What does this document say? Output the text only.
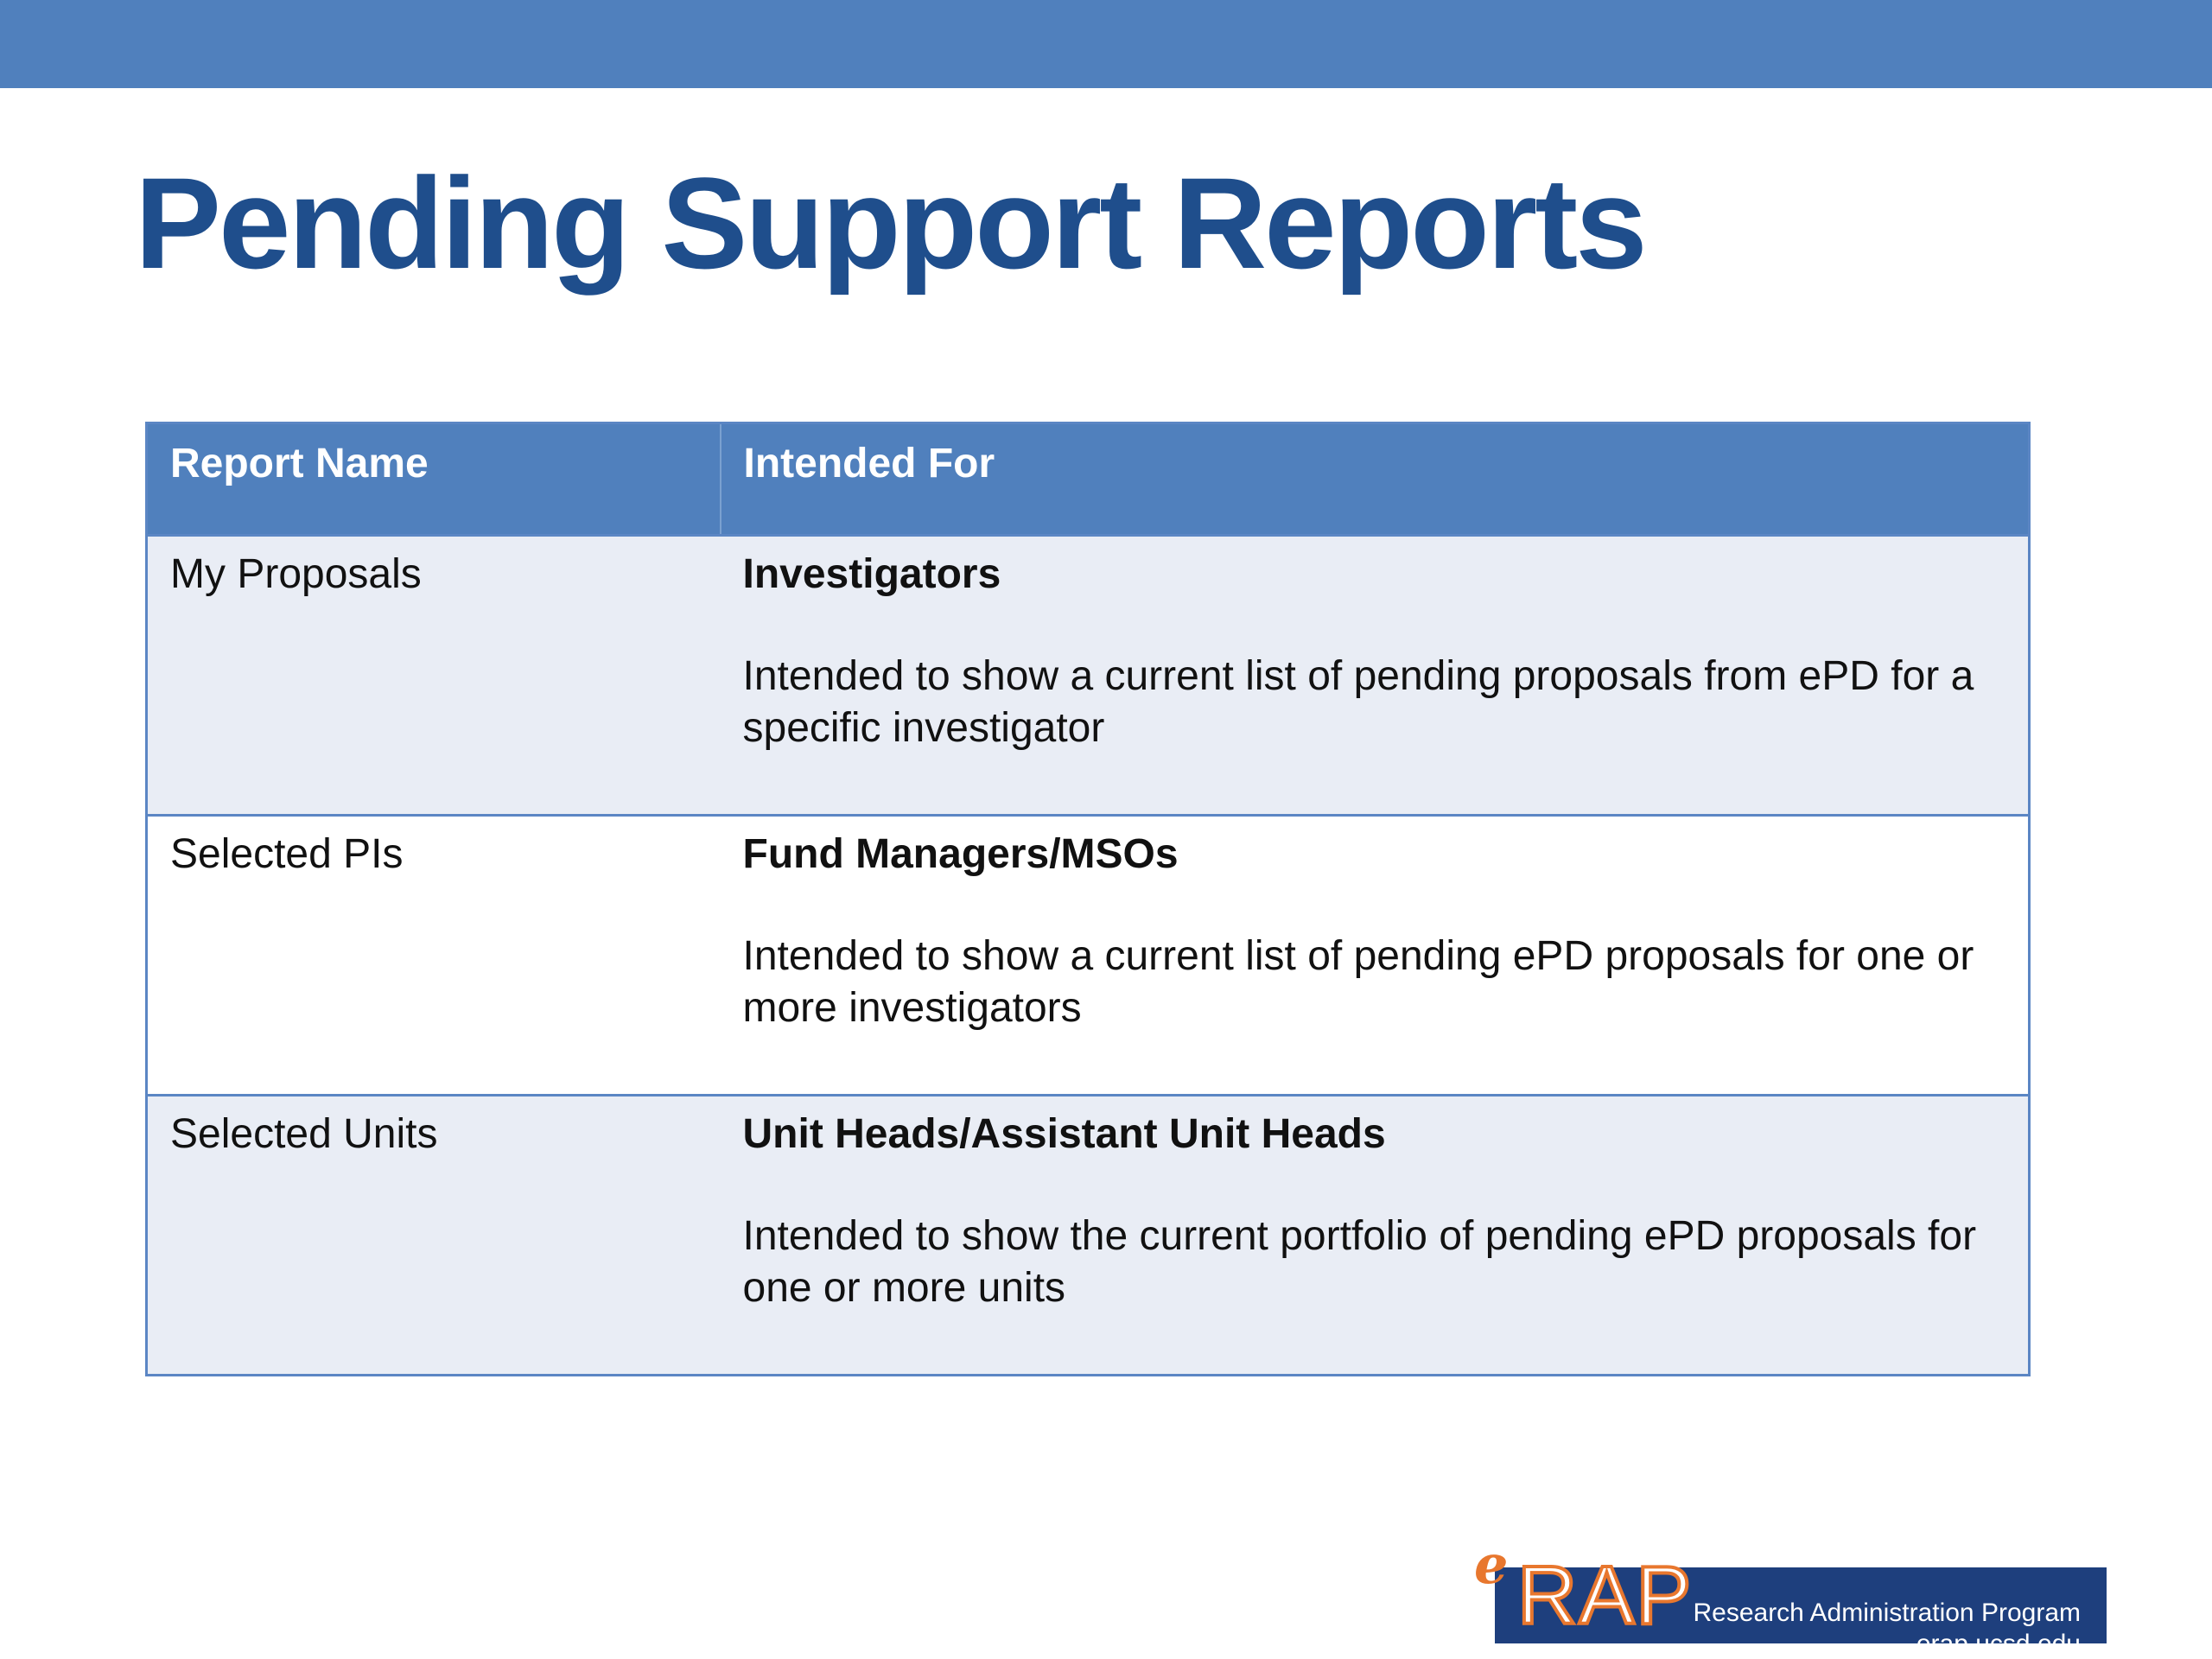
Pending Support Reports
Report Name	Intended For
My Proposals	Investigators
Intended to show a current list of pending proposals from ePD for a specific investigator

Selected PIs	Fund Managers/MSOs
Intended to show a current list of pending ePD proposals for one or more investigators

Selected Units	Unit Heads/Assistant Unit Heads
Intended to show the current portfolio of pending ePD proposals for one or more units
Research Administration Program
erap.ucsd.edu
e RAP
